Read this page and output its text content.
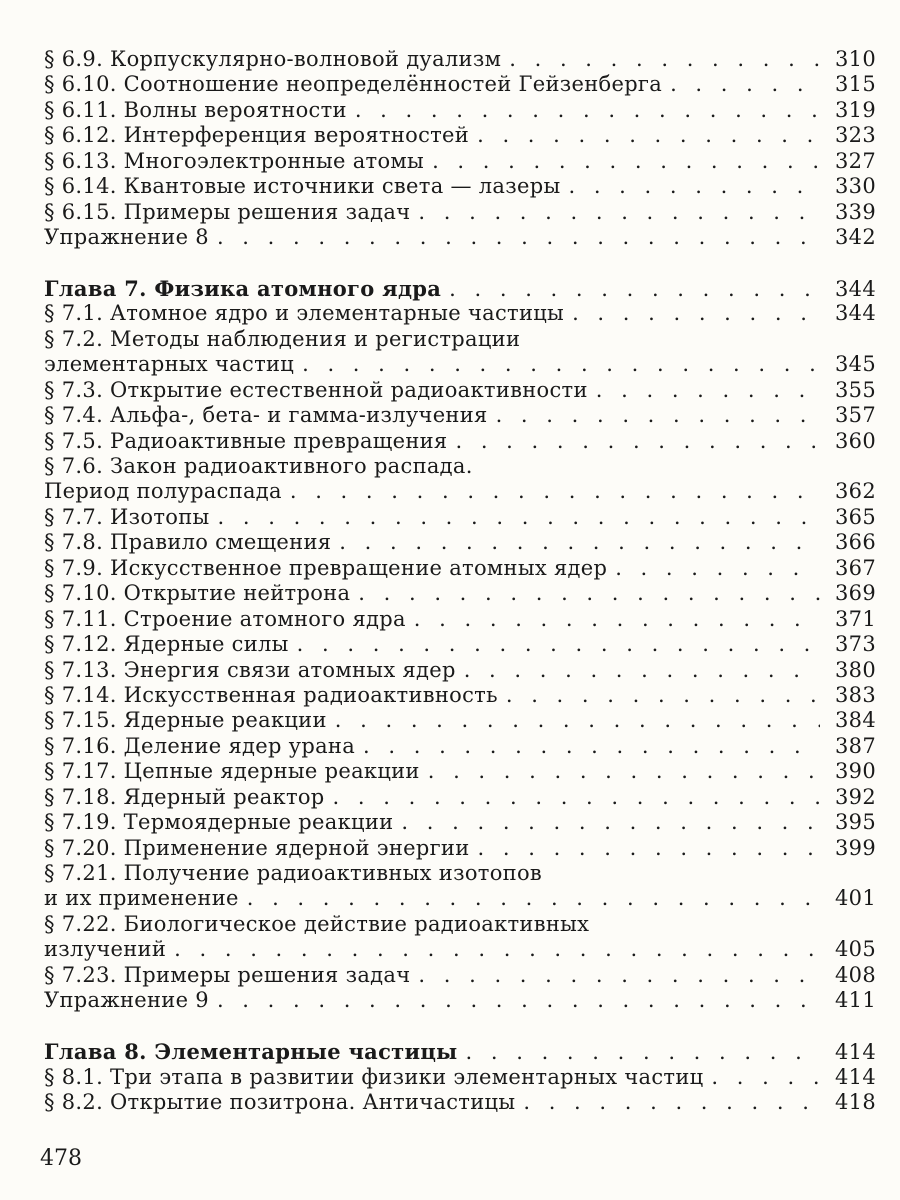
§ 6.9. Корпускулярно-волновой дуализм . . .	310
§ 6.10. Соотношение неопределённостей Гейзенберга . . .	315
§ 6.11. Волны вероятности . . .	319
§ 6.12. Интерференция вероятностей . . .	323
§ 6.13. Многоэлектронные атомы . . .	327
§ 6.14. Квантовые источники света — лазеры . . .	330
§ 6.15. Примеры решения задач . . .	339
Упражнение 8 . . .	342
Глава 7. Физика атомного ядра . . .	344
§ 7.1. Атомное ядро и элементарные частицы . . .	344
§ 7.2. Методы наблюдения и регистрации
элементарных частиц . . .	345
§ 7.3. Открытие естественной радиоактивности . . .	355
§ 7.4. Альфа-, бета- и гамма-излучения . . .	357
§ 7.5. Радиоактивные превращения . . .	360
§ 7.6. Закон радиоактивного распада.
Период полураспада . . .	362
§ 7.7. Изотопы . . .	365
§ 7.8. Правило смещения . . .	366
§ 7.9. Искусственное превращение атомных ядер . . .	367
§ 7.10. Открытие нейтрона . . .	369
§ 7.11. Строение атомного ядра . . .	371
§ 7.12. Ядерные силы . . .	373
§ 7.13. Энергия связи атомных ядер . . .	380
§ 7.14. Искусственная радиоактивность . . .	383
§ 7.15. Ядерные реакции . . .	384
§ 7.16. Деление ядер урана . . .	387
§ 7.17. Цепные ядерные реакции . . .	390
§ 7.18. Ядерный реактор . . .	392
§ 7.19. Термоядерные реакции . . .	395
§ 7.20. Применение ядерной энергии . . .	399
§ 7.21. Получение радиоактивных изотопов
и их применение . . .	401
§ 7.22. Биологическое действие радиоактивных
излучений . . .	405
§ 7.23. Примеры решения задач . . .	408
Упражнение 9 . . .	411
Глава 8. Элементарные частицы . . .	414
§ 8.1. Три этапа в развитии физики элементарных частиц . . .	414
§ 8.2. Открытие позитрона. Античастицы . . .	418
478
